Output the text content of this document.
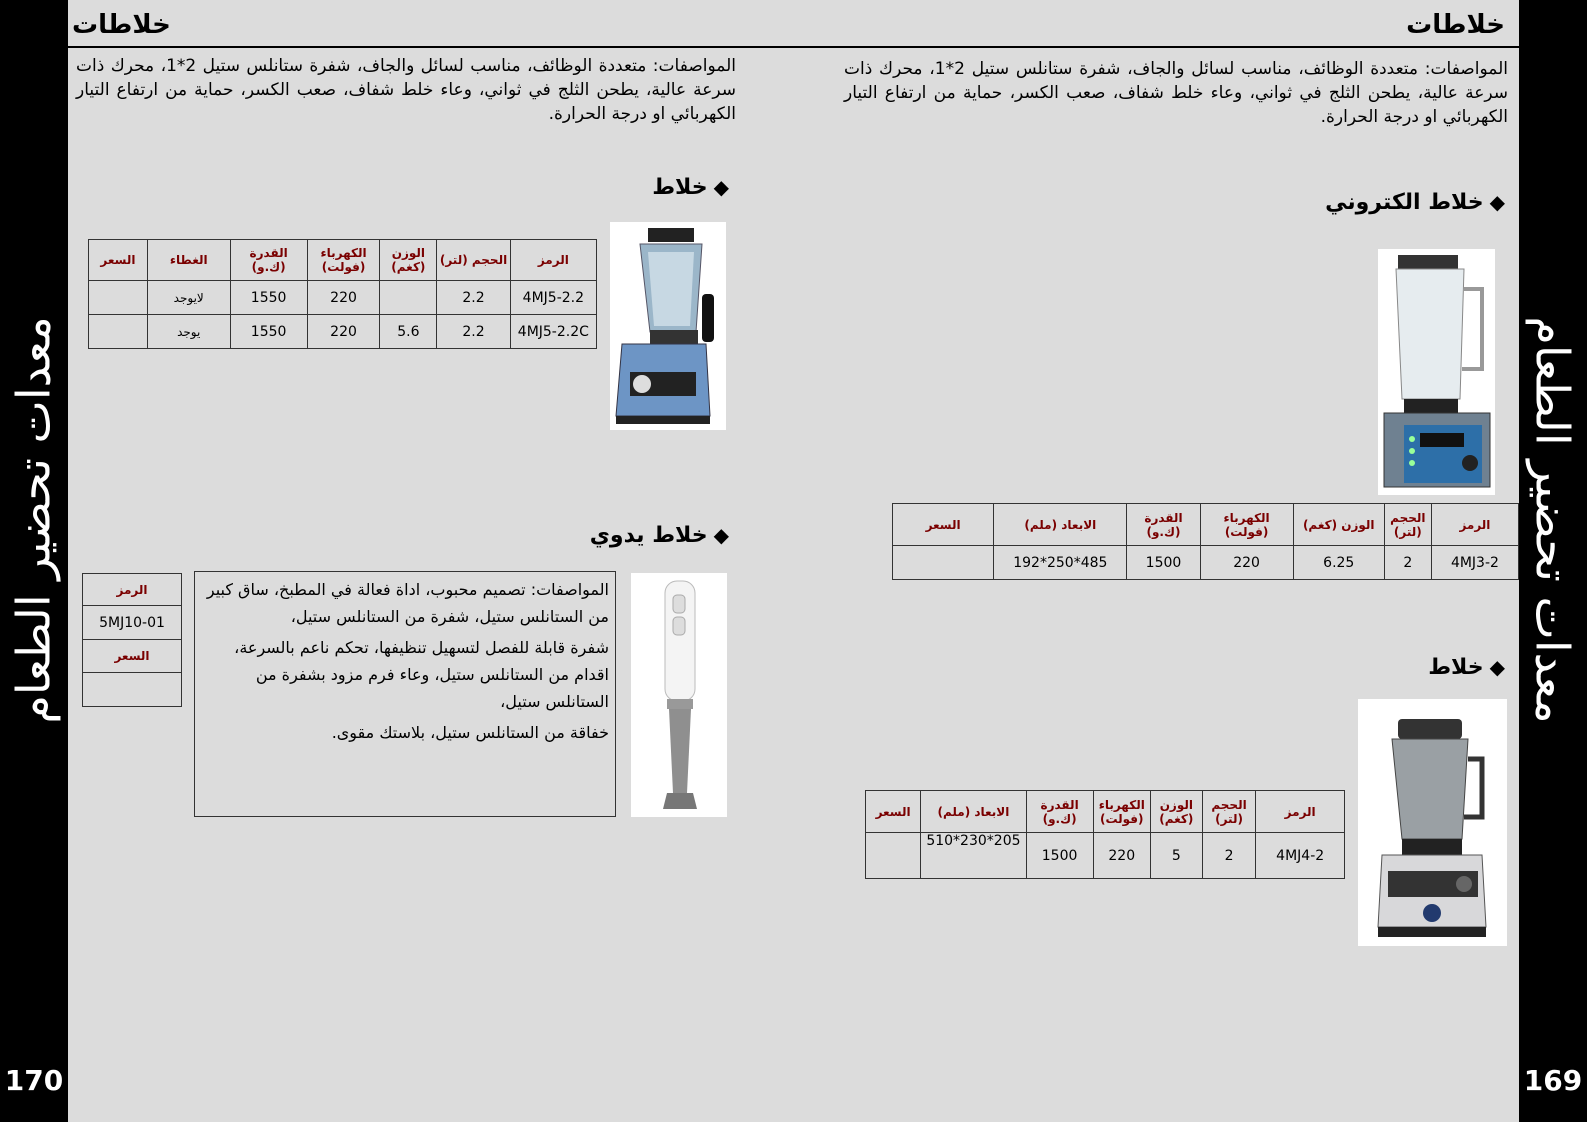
معدات تحضير الطعام	معدات تحضير الطعام
170	169
خلاطات	خلاطات
المواصفات: متعددة الوظائف، مناسب لسائل والجاف، شفرة ستانلس ستيل 2*1، محرك ذات سرعة عالية، يطحن الثلج في ثواني، وعاء خلط شفاف، صعب الكسر، حماية من ارتفاع التيار الكهربائي او درجة الحرارة.
المواصفات: متعددة الوظائف، مناسب لسائل والجاف، شفرة ستانلس ستيل 2*1، محرك ذات سرعة عالية، يطحن الثلج في ثواني، وعاء خلط شفاف، صعب الكسر، حماية من ارتفاع التيار الكهربائي او درجة الحرارة.
◆خلاط
الرمز	الحجم (لتر)	الوزن (كغم)	الكهرباء (فولت)	القدرة (ك.و)	الغطاء	السعر
4MJ5-2.2	2.2		220	1550	لايوجد	
4MJ5-2.2C	2.2	5.6	220	1550	يوجد	
◆خلاط يدوي

المواصفات: تصميم محبوب، اداة فعالة في المطبخ، ساق كبير من الستانلس ستيل، شفرة من الستانلس ستيل،

شفرة قابلة للفصل لتسهيل تنظيفها، تحكم ناعم بالسرعة، اقدام من الستانلس ستيل، وعاء فرم مزود بشفرة من الستانلس ستيل،

خفاقة من الستانلس ستيل، بلاستك مقوى.

الرمز
5MJ10-01
السعر

◆خلاط الكتروني
الرمز	الحجم (لتر)	الوزن (كغم)	الكهرباء (فولت)	القدرة (ك.و)	الابعاد (ملم)	السعر
4MJ3-2	2	6.25	220	1500	485*250*192	
◆خلاط
الرمز	الحجم (لتر)	الوزن (كغم)	الكهرباء (فولت)	القدرة (ك.و)	الابعاد (ملم)	السعر
4MJ4-2	2	5	220	1500	205*230*510	
